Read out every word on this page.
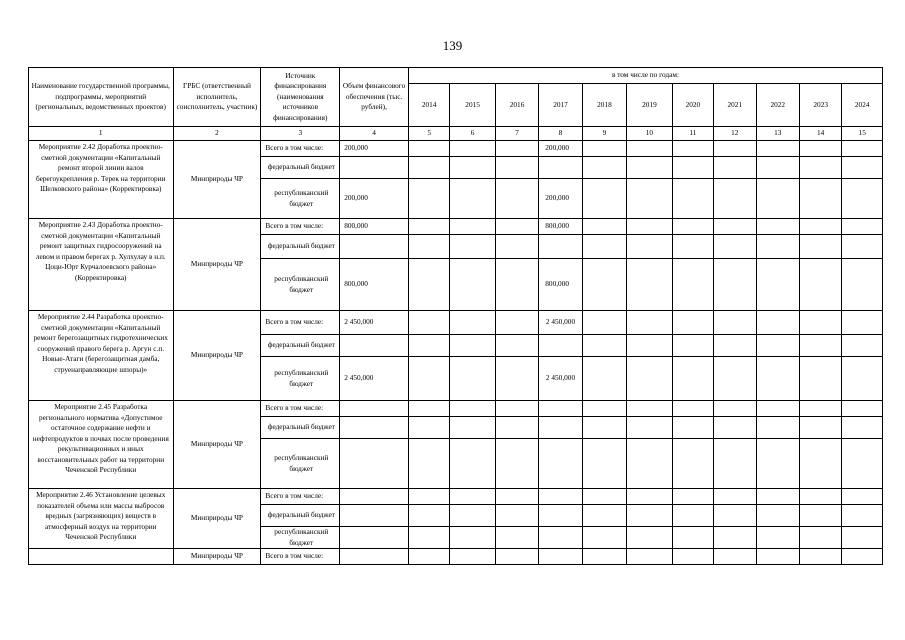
139
Наименование государственной программы, подпрограммы, мероприятий (региональных, ведомственных проектов)	ГРБС (ответственный исполнитель, соисполнитель, участник)	Источник финансирования (наименования источников финансирования)	Объем финансового обеспечения (тыс. рублей),	в том числе по годам:										
				2014	2015	2016	2017	2018	2019	2020	2021	2022	2023	2024
1	2	3	4	5	6	7	8	9	10	11	12	13	14	15
Мероприятие 2.42 Доработка проектно-сметной документации «Капитальный ремонт второй линии валов берегоукрепления р. Терек на территории Шелковского района» (Корректировка)	Минприроды ЧР	Всего в том числе:	200,000				200,000							
		федеральный бюджет												
		республиканский бюджет	200,000				200,000							
Мероприятие 2.43 Доработка проектно-сметной документации «Капитальный ремонт защитных гидросооружений на левом и правом берегах р. Хулхулау в н.п. Цоци-Юрт Курчалоевского района» (Корректировка)	Минприроды ЧР	Всего в том числе:	800,000				800,000							
		федеральный бюджет												
		республиканский бюджет	800,000				800,000							
Мероприятие 2.44 Разработка проектно-сметной документации «Капитальный ремонт берегозащитных гидротехнических сооружений правого берега р. Аргун с.п. Новые-Атаги (берегозащитная дамба, струенаправляющие шпоры)»	Минприроды ЧР	Всего в том числе:	2 450,000				2 450,000							
		федеральный бюджет												
		республиканский бюджет	2 450,000				2 450,000							
Мероприятие 2.45 Разработка регионального норматива «Допустимое остаточное содержание нефти и нефтепродуктов в почвах после проведения рекультивационных и иных восстановительных работ на территории Чеченской Республики	Минприроды ЧР	Всего в том числе:												
		федеральный бюджет												
		республиканский бюджет												
Мероприятие 2.46 Установление целевых показателей объема или массы выбросов вредных (загрязняющих) веществ в атмосферный воздух на территории Чеченской Республики	Минприроды ЧР	Всего в том числе:												
		федеральный бюджет												
		республиканский бюджет												
	Минприроды ЧР	Всего в том числе:												
